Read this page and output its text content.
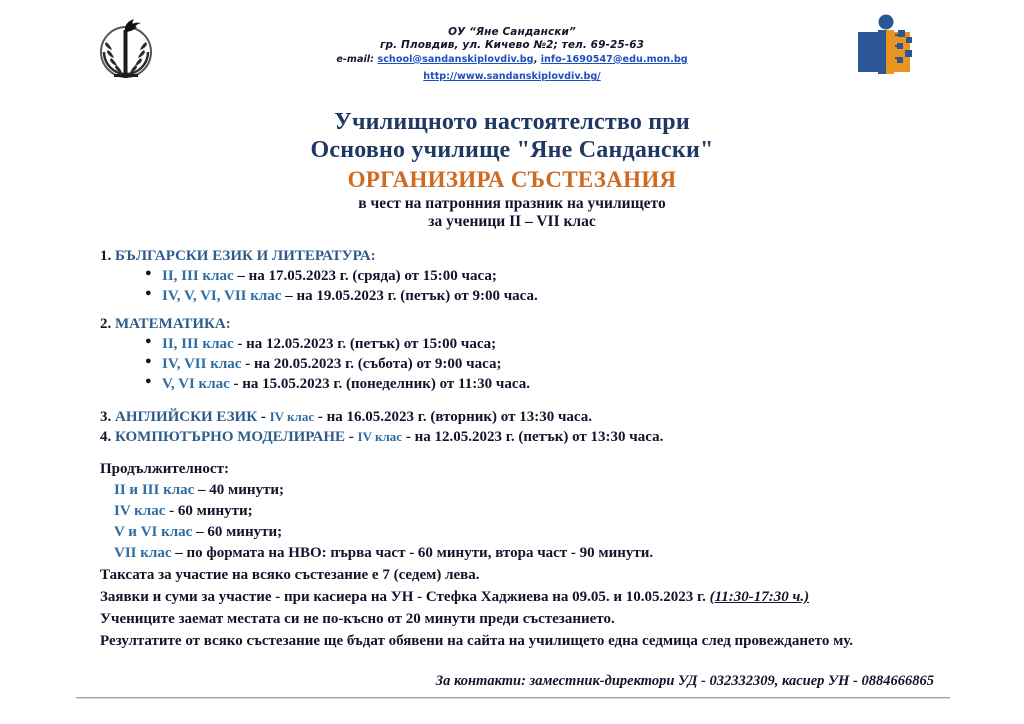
ОУ “Яне Сандански”
гр. Пловдив, ул. Кичево №2; тел. 69-25-63
e-mail: school@sandanskiplovdiv.bg, info-1690547@edu.mon.bg
http://www.sandanskiplovdiv.bg/
Училищното настоятелство при
Основно училище "Яне Сандански"
ОРГАНИЗИРА СЪСТЕЗАНИЯ
в чест на патронния празник на училището
за ученици II – VII клас
1. БЪЛГАРСКИ ЕЗИК И ЛИТЕРАТУРА:
● II, III клас – на 17.05.2023 г. (сряда) от 15:00 часа;
● IV, V, VI, VII клас – на 19.05.2023 г. (петък) от 9:00 часа.
2. МАТЕМАТИКА:
● II, III клас - на 12.05.2023 г. (петък) от 15:00 часа;
● IV, VII клас - на 20.05.2023 г. (събота) от 9:00 часа;
● V, VI клас - на 15.05.2023 г. (понеделник) от 11:30 часа.
3. АНГЛИЙСКИ ЕЗИК - IV клас - на 16.05.2023 г. (вторник) от 13:30 часа.
4. КОМПЮТЪРНО МОДЕЛИРАНЕ - IV клас - на 12.05.2023 г. (петък) от 13:30 часа.
Продължителност:
II и III клас – 40 минути;
IV клас - 60 минути;
V и VI клас – 60 минути;
VII клас – по формата на НВО: първа част - 60 минути, втора част - 90 минути.
Таксата за участие на всяко състезание е 7 (седем) лева.
Заявки и суми за участие - при касиера на УН - Стефка Хаджиева на 09.05. и 10.05.2023 г. (11:30-17:30 ч.)
Учениците заемат местата си не по-късно от 20 минути преди състезанието.
Резултатите от всяко състезание ще бъдат обявени на сайта на училището една седмица след провеждането му.
За контакти: заместник-директори УД - 032332309, касиер УН - 0884666865
